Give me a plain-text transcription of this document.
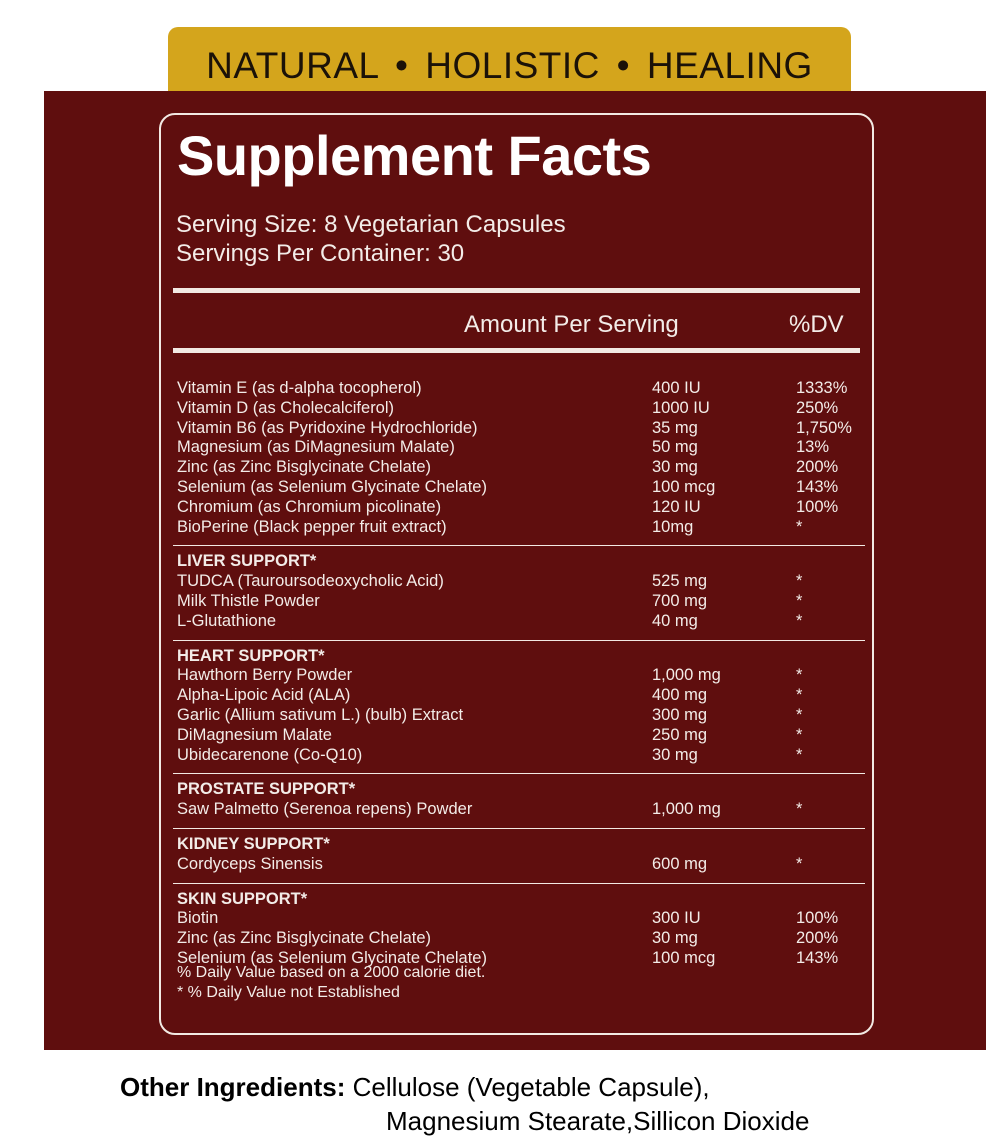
NATURAL • HOLISTIC • HEALING
Supplement Facts
Serving Size: 8 Vegetarian Capsules
Servings Per Container: 30
Amount Per Serving	%DV
Vitamin E (as d-alpha tocopherol)	400 IU	1333%
Vitamin D (as Cholecalciferol)	1000 IU	250%
Vitamin B6 (as Pyridoxine Hydrochloride)	35 mg	1,750%
Magnesium (as DiMagnesium Malate)	50 mg	13%
Zinc (as Zinc Bisglycinate Chelate)	30 mg	200%
Selenium (as Selenium Glycinate Chelate)	100 mcg	143%
Chromium (as Chromium picolinate)	120 IU	100%
BioPerine (Black pepper fruit extract)	10mg	*
LIVER SUPPORT*
TUDCA (Tauroursodeoxycholic Acid)	525 mg	*
Milk Thistle Powder	700 mg	*
L-Glutathione	40 mg	*
HEART SUPPORT*
Hawthorn Berry Powder	1,000 mg	*
Alpha-Lipoic Acid (ALA)	400 mg	*
Garlic (Allium sativum L.) (bulb) Extract	300 mg	*
DiMagnesium Malate	250 mg	*
Ubidecarenone (Co-Q10)	30 mg	*
PROSTATE SUPPORT*
Saw Palmetto (Serenoa repens) Powder	1,000 mg	*
KIDNEY SUPPORT*
Cordyceps Sinensis	600 mg	*
SKIN SUPPORT*
Biotin	300 IU	100%
Zinc (as Zinc Bisglycinate Chelate)	30 mg	200%
Selenium (as Selenium Glycinate Chelate)	100 mcg	143%
% Daily Value based on a 2000 calorie diet.
* % Daily Value not Established
Other Ingredients: Cellulose (Vegetable Capsule),
Magnesium Stearate,Sillicon Dioxide
